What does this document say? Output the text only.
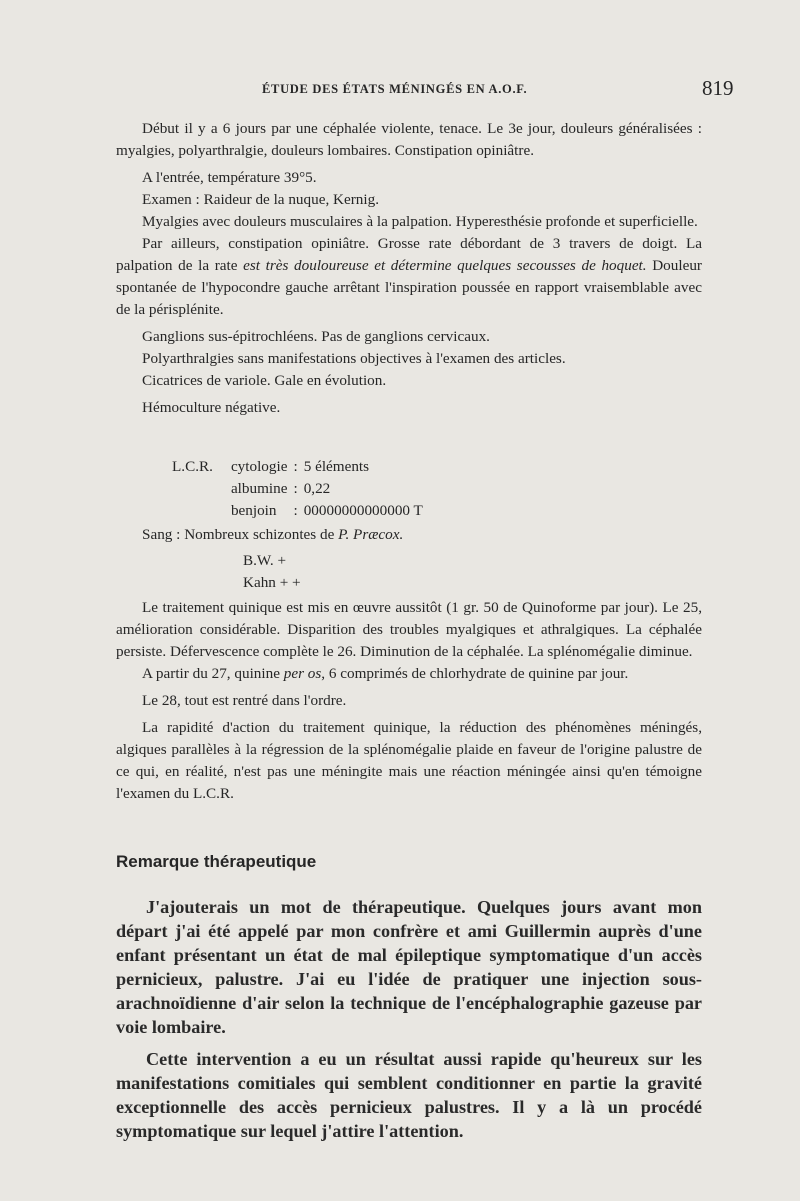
ÉTUDE DES ÉTATS MÉNINGÉS EN A.O.F.	819

Début il y a 6 jours par une céphalée violente, tenace. Le 3e jour, douleurs généralisées : myalgies, polyarthralgie, douleurs lombaires. Constipation opiniâtre.

A l'entrée, température 39°5.

Examen : Raideur de la nuque, Kernig.

Myalgies avec douleurs musculaires à la palpation. Hyperesthésie profonde et superficielle.

Par ailleurs, constipation opiniâtre. Grosse rate débordant de 3 travers de doigt. La palpation de la rate est très douloureuse et détermine quelques secousses de hoquet. Douleur spontanée de l'hypocondre gauche arrêtant l'inspiration poussée en rapport vraisemblable avec de la périsplénite.

Ganglions sus-épitrochléens. Pas de ganglions cervicaux.

Polyarthralgies sans manifestations objectives à l'examen des articles.

Cicatrices de variole. Gale en évolution.

Hémoculture négative.

L.C.R.	cytologie	:	5 éléments
	albumine	:	0,22
	benjoin	:	00000000000000 T

Sang : Nombreux schizontes de P. Præcox.

B.W. +
Kahn + +

Le traitement quinique est mis en œuvre aussitôt (1 gr. 50 de Quinoforme par jour). Le 25, amélioration considérable. Disparition des troubles myalgiques et athralgiques. La céphalée persiste. Défervescence complète le 26. Diminution de la céphalée. La splénomégalie diminue.

A partir du 27, quinine per os, 6 comprimés de chlorhydrate de quinine par jour.

Le 28, tout est rentré dans l'ordre.

La rapidité d'action du traitement quinique, la réduction des phénomènes méningés, algiques parallèles à la régression de la splénomégalie plaide en faveur de l'origine palustre de ce qui, en réalité, n'est pas une méningite mais une réaction méningée ainsi qu'en témoigne l'examen du L.C.R.

Remarque thérapeutique

J'ajouterais un mot de thérapeutique. Quelques jours avant mon départ j'ai été appelé par mon confrère et ami Guillermin auprès d'une enfant présentant un état de mal épileptique symptomatique d'un accès pernicieux, palustre. J'ai eu l'idée de pratiquer une injection sous-arachnoïdienne d'air selon la technique de l'encéphalographie gazeuse par voie lombaire.

Cette intervention a eu un résultat aussi rapide qu'heureux sur les manifestations comitiales qui semblent conditionner en partie la gravité exceptionnelle des accès pernicieux palustres. Il y a là un procédé symptomatique sur lequel j'attire l'attention.
